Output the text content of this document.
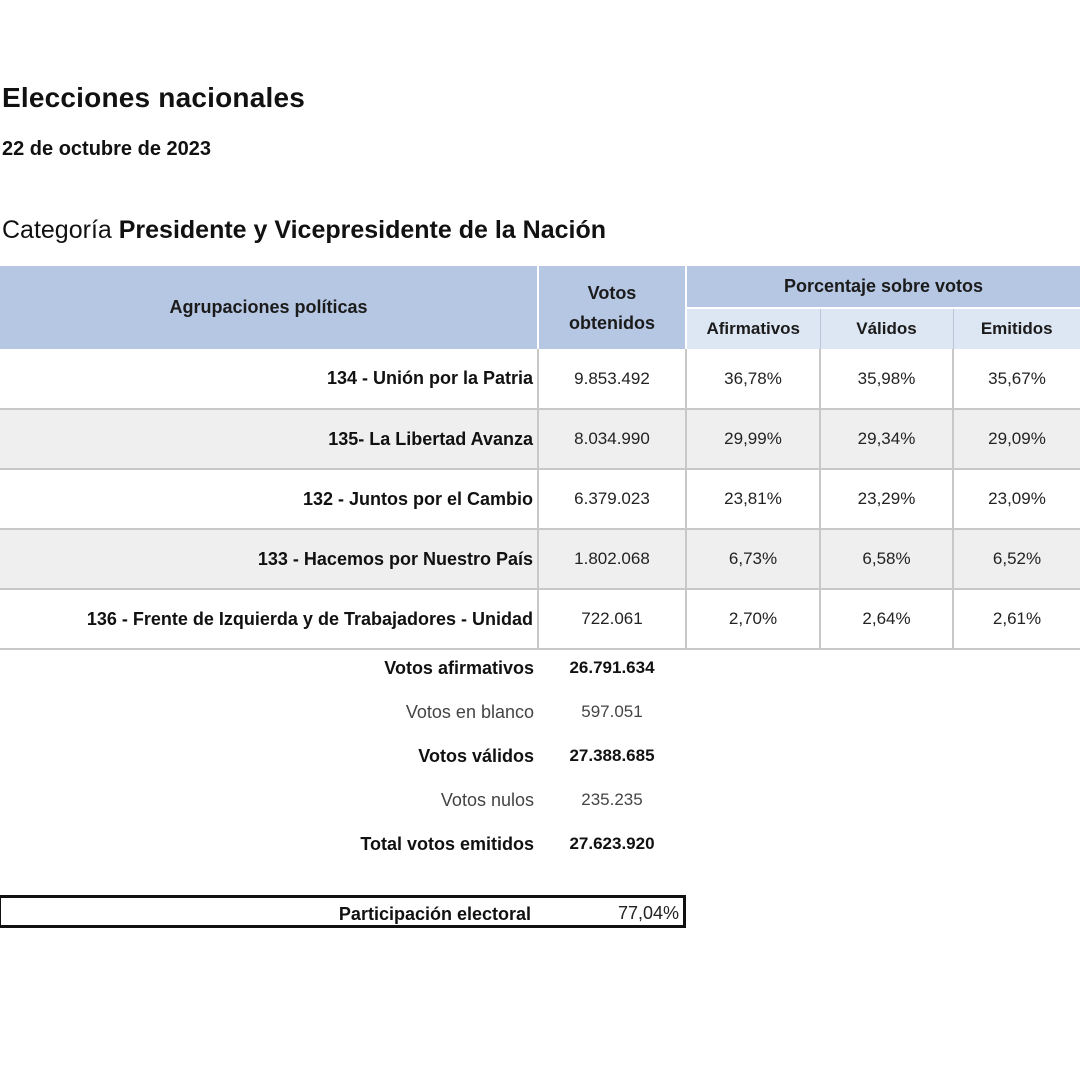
Elecciones nacionales
22 de octubre de 2023
Categoría Presidente y Vicepresidente de la Nación
Agrupaciones políticas	Votos obtenidos	Porcentaje sobre votos		
		Afirmativos	Válidos	Emitidos
134 - Unión por la Patria	9.853.492	36,78%	35,98%	35,67%
135- La Libertad Avanza	8.034.990	29,99%	29,34%	29,09%
132 - Juntos por el Cambio	6.379.023	23,81%	23,29%	23,09%
133 - Hacemos por Nuestro País	1.802.068	6,73%	6,58%	6,52%
136 - Frente de Izquierda y de Trabajadores - Unidad	722.061	2,70%	2,64%	2,61%
Votos afirmativos	26.791.634
Votos en blanco	597.051
Votos válidos	27.388.685
Votos nulos	235.235
Total votos emitidos	27.623.920
Participación electoral	77,04%
